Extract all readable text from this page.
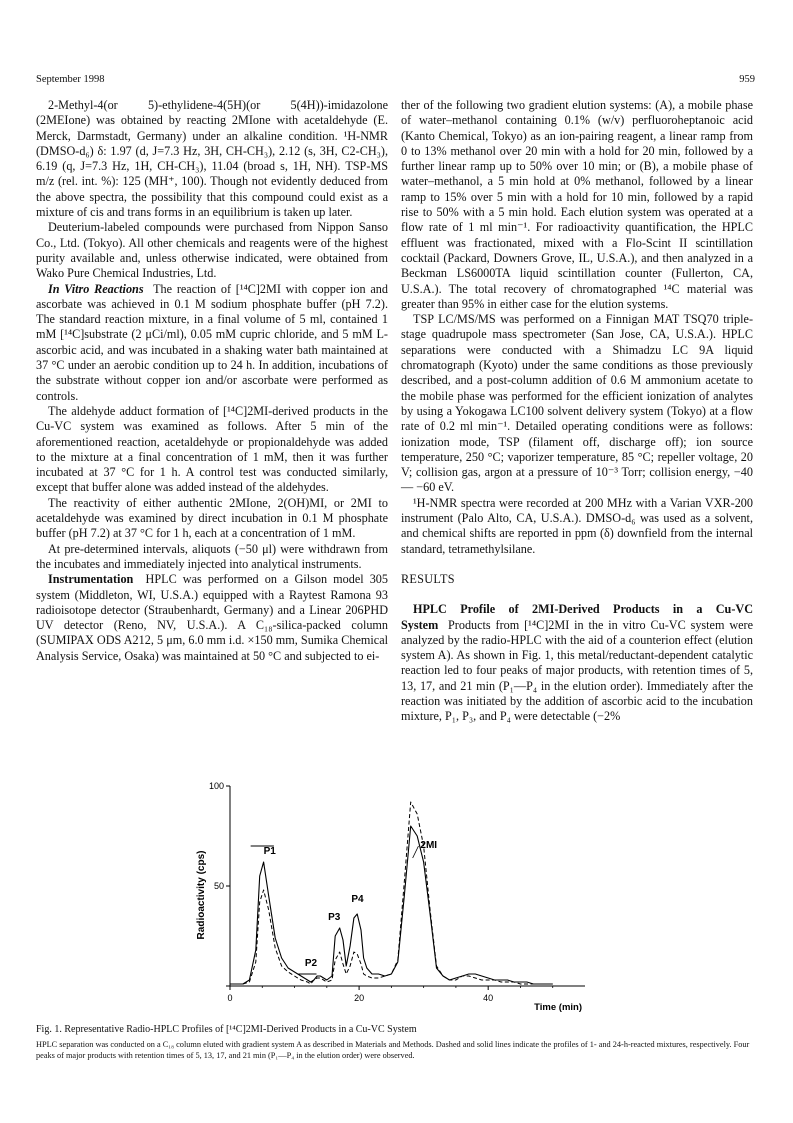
September 1998	959

2-Methyl-4(or 5)-ethylidene-4(5H)(or 5(4H))-imidazolone (2MEIone) was obtained by reacting 2MIone with acetaldehyde (E. Merck, Darmstadt, Germany) under an alkaline condition. ¹H-NMR (DMSO-d₆) δ: 1.97 (d, J=7.3 Hz, 3H, CH-CH₃), 2.12 (s, 3H, C2-CH₃), 6.19 (q, J=7.3 Hz, 1H, CH-CH₃), 11.04 (broad s, 1H, NH). TSP-MS m/z (rel. int. %): 125 (MH⁺, 100). Though not evidently deduced from the above spectra, the possibility that this compound could exist as a mixture of cis and trans forms in an equilibrium is taken up later.

Deuterium-labeled compounds were purchased from Nippon Sanso Co., Ltd. (Tokyo). All other chemicals and reagents were of the highest purity available and, unless otherwise indicated, were obtained from Wako Pure Chemical Industries, Ltd.

In Vitro Reactions The reaction of [¹⁴C]2MI with copper ion and ascorbate was achieved in 0.1 M sodium phosphate buffer (pH 7.2). The standard reaction mixture, in a final volume of 5 ml, contained 1 mM [¹⁴C]substrate (2 μCi/ml), 0.05 mM cupric chloride, and 5 mM L-ascorbic acid, and was incubated in a shaking water bath maintained at 37 °C under an aerobic condition up to 24 h. In addition, incubations of the substrate without copper ion and/or ascorbate were performed as controls.

The aldehyde adduct formation of [¹⁴C]2MI-derived products in the Cu-VC system was examined as follows. After 5 min of the aforementioned reaction, acetaldehyde or propionaldehyde was added to the mixture at a final concentration of 1 mM, then it was further incubated at 37 °C for 1 h. A control test was conducted similarly, except that buffer alone was added instead of the aldehydes.

The reactivity of either authentic 2MIone, 2(OH)MI, or 2MI to acetaldehyde was examined by direct incubation in 0.1 M phosphate buffer (pH 7.2) at 37 °C for 1 h, each at a concentration of 1 mM.

At pre-determined intervals, aliquots (−50 μl) were withdrawn from the incubates and immediately injected into analytical instruments.

Instrumentation HPLC was performed on a Gilson model 305 system (Middleton, WI, U.S.A.) equipped with a Raytest Ramona 93 radioisotope detector (Straubenhardt, Germany) and a Linear 206PHD UV detector (Reno, NV, U.S.A.). A C₁₈-silica-packed column (SUMIPAX ODS A212, 5 μm, 6.0 mm i.d. ×150 mm, Sumika Chemical Analysis Service, Osaka) was maintained at 50 °C and subjected to ei-

ther of the following two gradient elution systems: (A), a mobile phase of water–methanol containing 0.1% (w/v) perfluoroheptanoic acid (Kanto Chemical, Tokyo) as an ion-pairing reagent, a linear ramp from 0 to 13% methanol over 20 min with a hold for 20 min, followed by a further linear ramp up to 50% over 10 min; or (B), a mobile phase of water–methanol, a 5 min hold at 0% methanol, followed by a linear ramp to 15% over 5 min with a hold for 10 min, followed by a rapid rise to 50% with a 5 min hold. Each elution system was operated at a flow rate of 1 ml min⁻¹. For radioactivity quantification, the HPLC effluent was fractionated, mixed with a Flo-Scint II scintillation cocktail (Packard, Downers Grove, IL, U.S.A.), and then analyzed in a Beckman LS6000TA liquid scintillation counter (Fullerton, CA, U.S.A.). The total recovery of chromatographed ¹⁴C material was greater than 95% in either case for the elution systems.

TSP LC/MS/MS was performed on a Finnigan MAT TSQ70 triple-stage quadrupole mass spectrometer (San Jose, CA, U.S.A.). HPLC separations were conducted with a Shimadzu LC 9A liquid chromatograph (Kyoto) under the same conditions as those previously described, and a post-column addition of 0.6 M ammonium acetate to the mobile phase was performed for the efficient ionization of analytes by using a Yokogawa LC100 solvent delivery system (Tokyo) at a flow rate of 0.2 ml min⁻¹. Detailed operating conditions were as follows: ionization mode, TSP (filament off, discharge off); ion source temperature, 250 °C; vaporizer temperature, 85 °C; repeller voltage, 20 V; collision gas, argon at a pressure of 10⁻³ Torr; collision energy, −40— −60 eV.

¹H-NMR spectra were recorded at 200 MHz with a Varian VXR-200 instrument (Palo Alto, CA, U.S.A.). DMSO-d₆ was used as a solvent, and chemical shifts are reported in ppm (δ) downfield from the internal standard, tetramethylsilane.

RESULTS

HPLC Profile of 2MI-Derived Products in a Cu-VC System Products from [¹⁴C]2MI in the in vitro Cu-VC system were analyzed by the radio-HPLC with the aid of a counterion effect (elution system A). As shown in Fig. 1, this metal/reductant-dependent catalytic reaction led to four peaks of major products, with retention times of 5, 13, 17, and 21 min (P₁—P₄ in the elution order). Immediately after the reaction was initiated by the addition of ascorbic acid to the incubation mixture, P₁, P₃, and P₄ were detectable (−2%

50
100
0	20	40
Radioactivity (cps)
Time (min)
P1
P2
P3
P4
2MI
Fig. 1. Representative Radio-HPLC Profiles of [¹⁴C]2MI-Derived Products in a Cu-VC System
HPLC separation was conducted on a C₁₈ column eluted with gradient system A as described in Materials and Methods. Dashed and solid lines indicate the profiles of 1- and 24-h-reacted mixtures, respectively. Four peaks of major products with retention times of 5, 13, 17, and 21 min (P₁—P₄ in the elution order) were observed.
